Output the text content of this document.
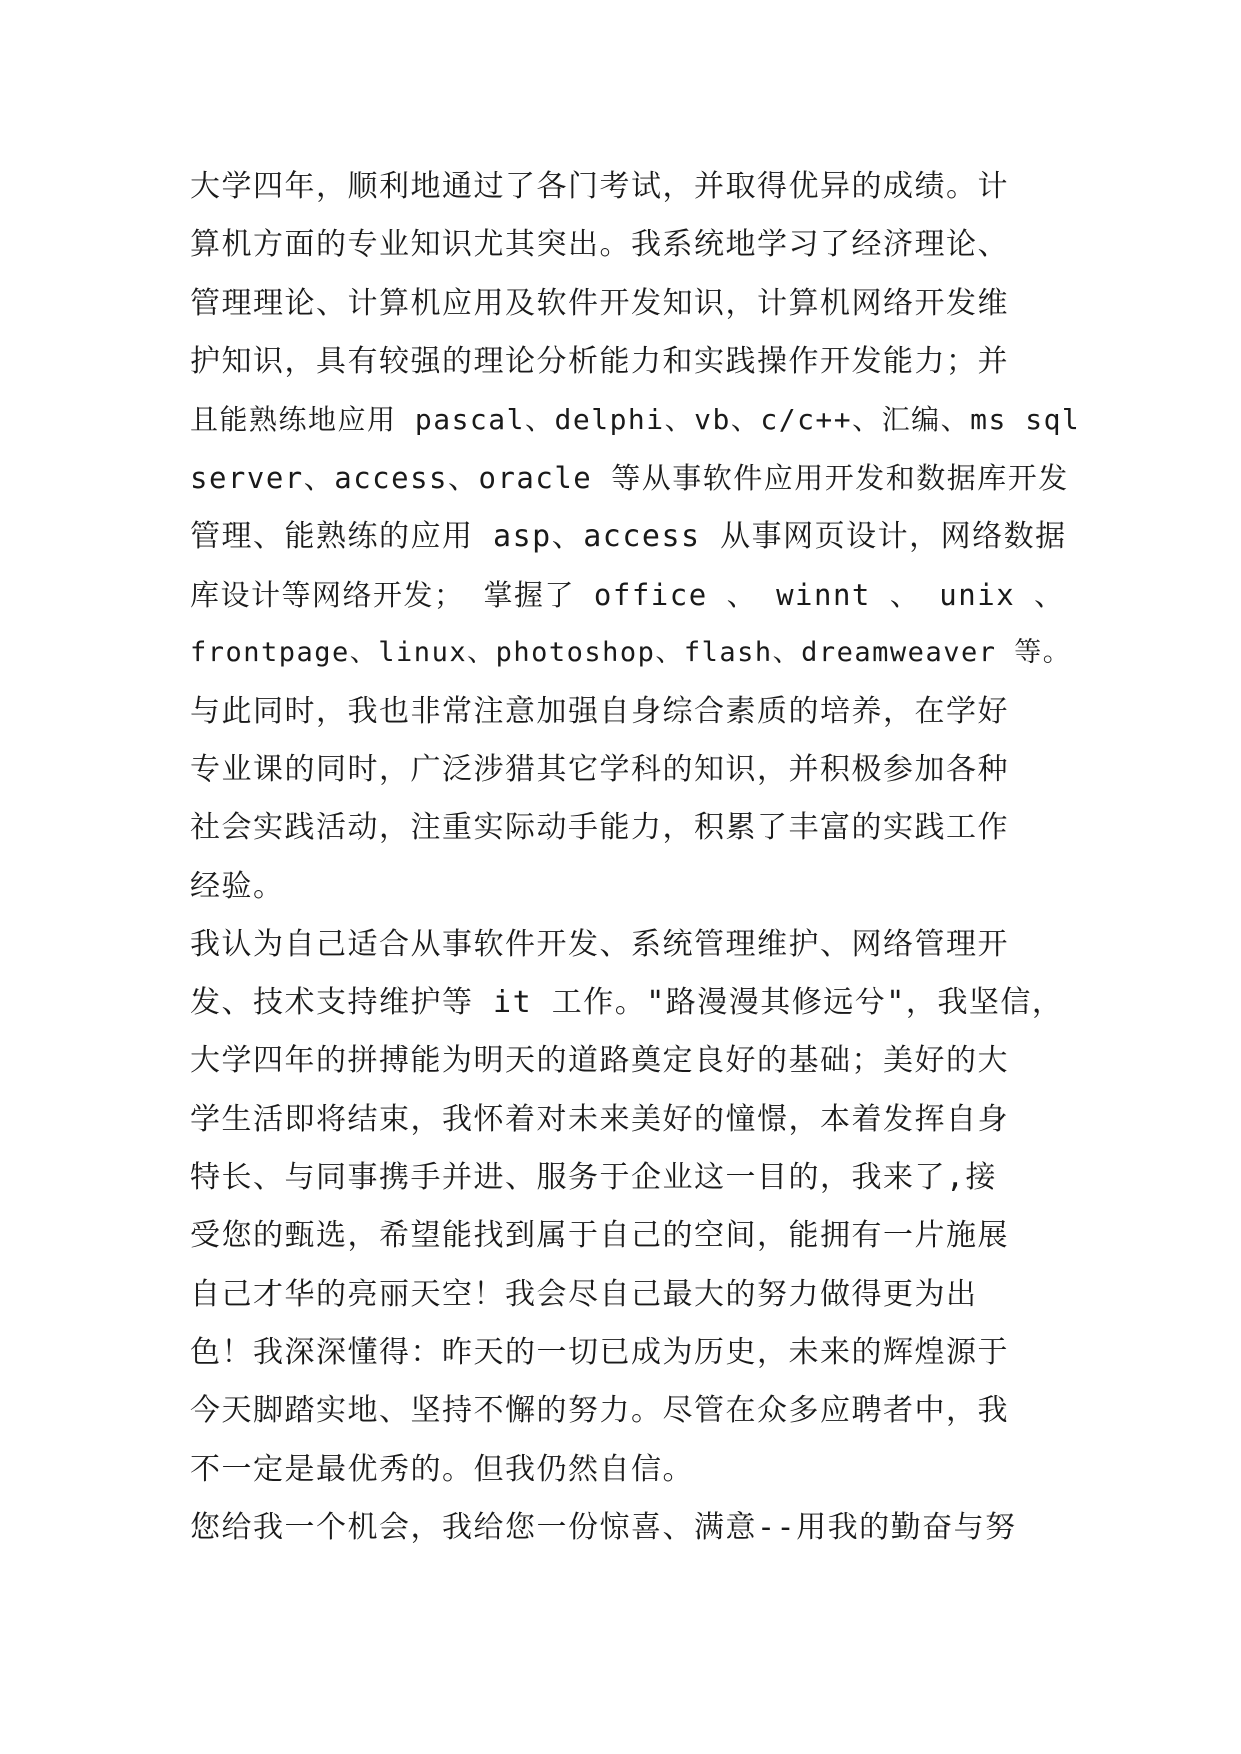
大学四年，顺利地通过了各门考试，并取得优异的成绩。计
算机方面的专业知识尤其突出。我系统地学习了经济理论、
管理理论、计算机应用及软件开发知识，计算机网络开发维
护知识，具有较强的理论分析能力和实践操作开发能力；并
且能熟练地应用 pascal、delphi、vb、c/c++、汇编、ms sql
server、access、oracle 等从事软件应用开发和数据库开发
管理、能熟练的应用 asp、access 从事网页设计，网络数据
库设计等网络开发； 掌握了 office 、 winnt 、 unix 、
frontpage、linux、photoshop、flash、dreamweaver 等。
与此同时，我也非常注意加强自身综合素质的培养，在学好
专业课的同时，广泛涉猎其它学科的知识，并积极参加各种
社会实践活动，注重实际动手能力，积累了丰富的实践工作
经验。
我认为自己适合从事软件开发、系统管理维护、网络管理开
发、技术支持维护等 it 工作。"路漫漫其修远兮"，我坚信，
大学四年的拼搏能为明天的道路奠定良好的基础；美好的大
学生活即将结束，我怀着对未来美好的憧憬，本着发挥自身
特长、与同事携手并进、服务于企业这一目的，我来了,接
受您的甄选，希望能找到属于自己的空间，能拥有一片施展
自己才华的亮丽天空！我会尽自己最大的努力做得更为出
色！我深深懂得：昨天的一切已成为历史，未来的辉煌源于
今天脚踏实地、坚持不懈的努力。尽管在众多应聘者中，我
不一定是最优秀的。但我仍然自信。
您给我一个机会，我给您一份惊喜、满意--用我的勤奋与努
